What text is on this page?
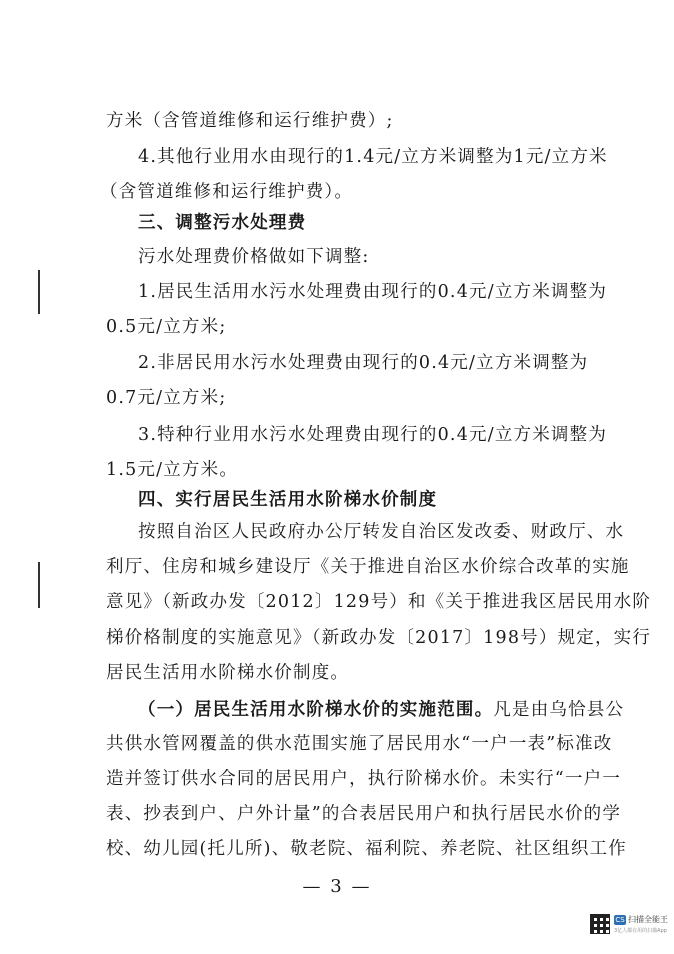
方米（含管道维修和运行维护费）;
4.其他行业用水由现行的1.4元/立方米调整为1元/立方米
（含管道维修和运行维护费）。
三、调整污水处理费
污水处理费价格做如下调整:
1.居民生活用水污水处理费由现行的0.4元/立方米调整为
0.5元/立方米;
2.非居民用水污水处理费由现行的0.4元/立方米调整为
0.7元/立方米;
3.特种行业用水污水处理费由现行的0.4元/立方米调整为
1.5元/立方米。
四、实行居民生活用水阶梯水价制度
按照自治区人民政府办公厅转发自治区发改委、财政厅、水
利厅、住房和城乡建设厅《关于推进自治区水价综合改革的实施
意见》（新政办发〔2012〕129号）和《关于推进我区居民用水阶
梯价格制度的实施意见》（新政办发〔2017〕198号）规定，实行
居民生活用水阶梯水价制度。
（一）居民生活用水阶梯水价的实施范围。凡是由乌恰县公
共供水管网覆盖的供水范围实施了居民用水“一户一表”标准改
造并签订供水合同的居民用户，执行阶梯水价。未实行“一户一
表、抄表到户、户外计量”的合表居民用户和执行居民水价的学
校、幼儿园(托儿所)、敬老院、福利院、养老院、社区组织工作
— 3 —
CS 扫描全能王
3亿人都在用的扫描App
